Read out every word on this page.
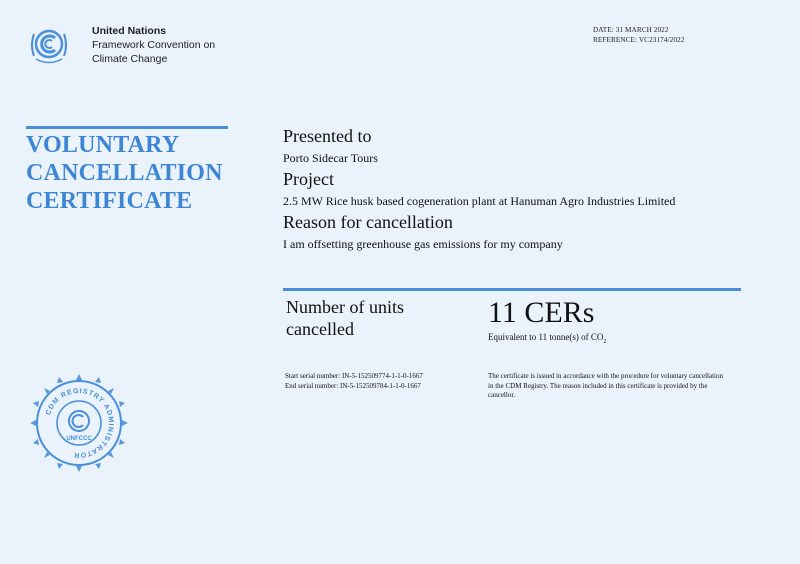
United Nations
Framework Convention on
Climate Change
DATE: 31 MARCH 2022
REFERENCE: VC23174/2022
VOLUNTARY
CANCELLATION
CERTIFICATE
Presented to
Porto Sidecar Tours
Project
2.5 MW Rice husk based cogeneration plant at Hanuman Agro Industries Limited
Reason for cancellation
I am offsetting greenhouse gas emissions for my company
Number of units
cancelled	11 CERs
Equivalent to 11 tonne(s) of $CO_2$
Start serial number: IN-5-152509774-1-1-0-1667
End serial number: IN-5-152509784-1-1-0-1667
The certificate is issued in accordance with the procedure for voluntary cancellation in the CDM Registry. The reason included in this certificate is provided by the cancellor.
CDM REGISTRY ADMINISTRATOR
UNFCCC
